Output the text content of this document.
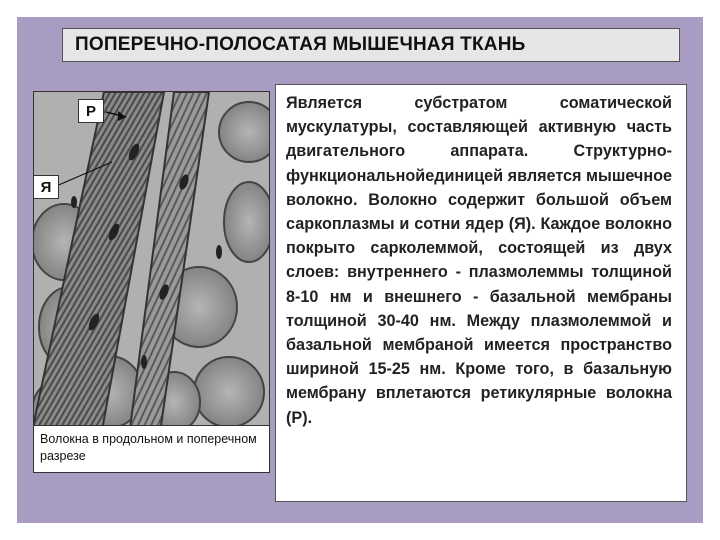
ПОПЕРЕЧНО-ПОЛОСАТАЯ МЫШЕЧНАЯ ТКАНЬ
Р
Я
Волокна в продольном и поперечном разрезе

Является субстратом соматической мускулатуры, составляющей активную часть двигательного аппарата. Структурно-функциональнойединицей является мышечное волокно. Волокно содержит большой объем саркоплазмы и сотни ядер (Я). Каждое волокно покрыто сарколеммой, состоящей из двух слоев: внутреннего - плазмолеммы толщиной 8-10 нм и внешнего - базальной мембраны толщиной 30-40 нм. Между плазмолеммой и базальной мембраной имеется пространство шириной 15-25 нм. Кроме того, в базальную мембрану вплетаются ретикулярные волокна (Р).
